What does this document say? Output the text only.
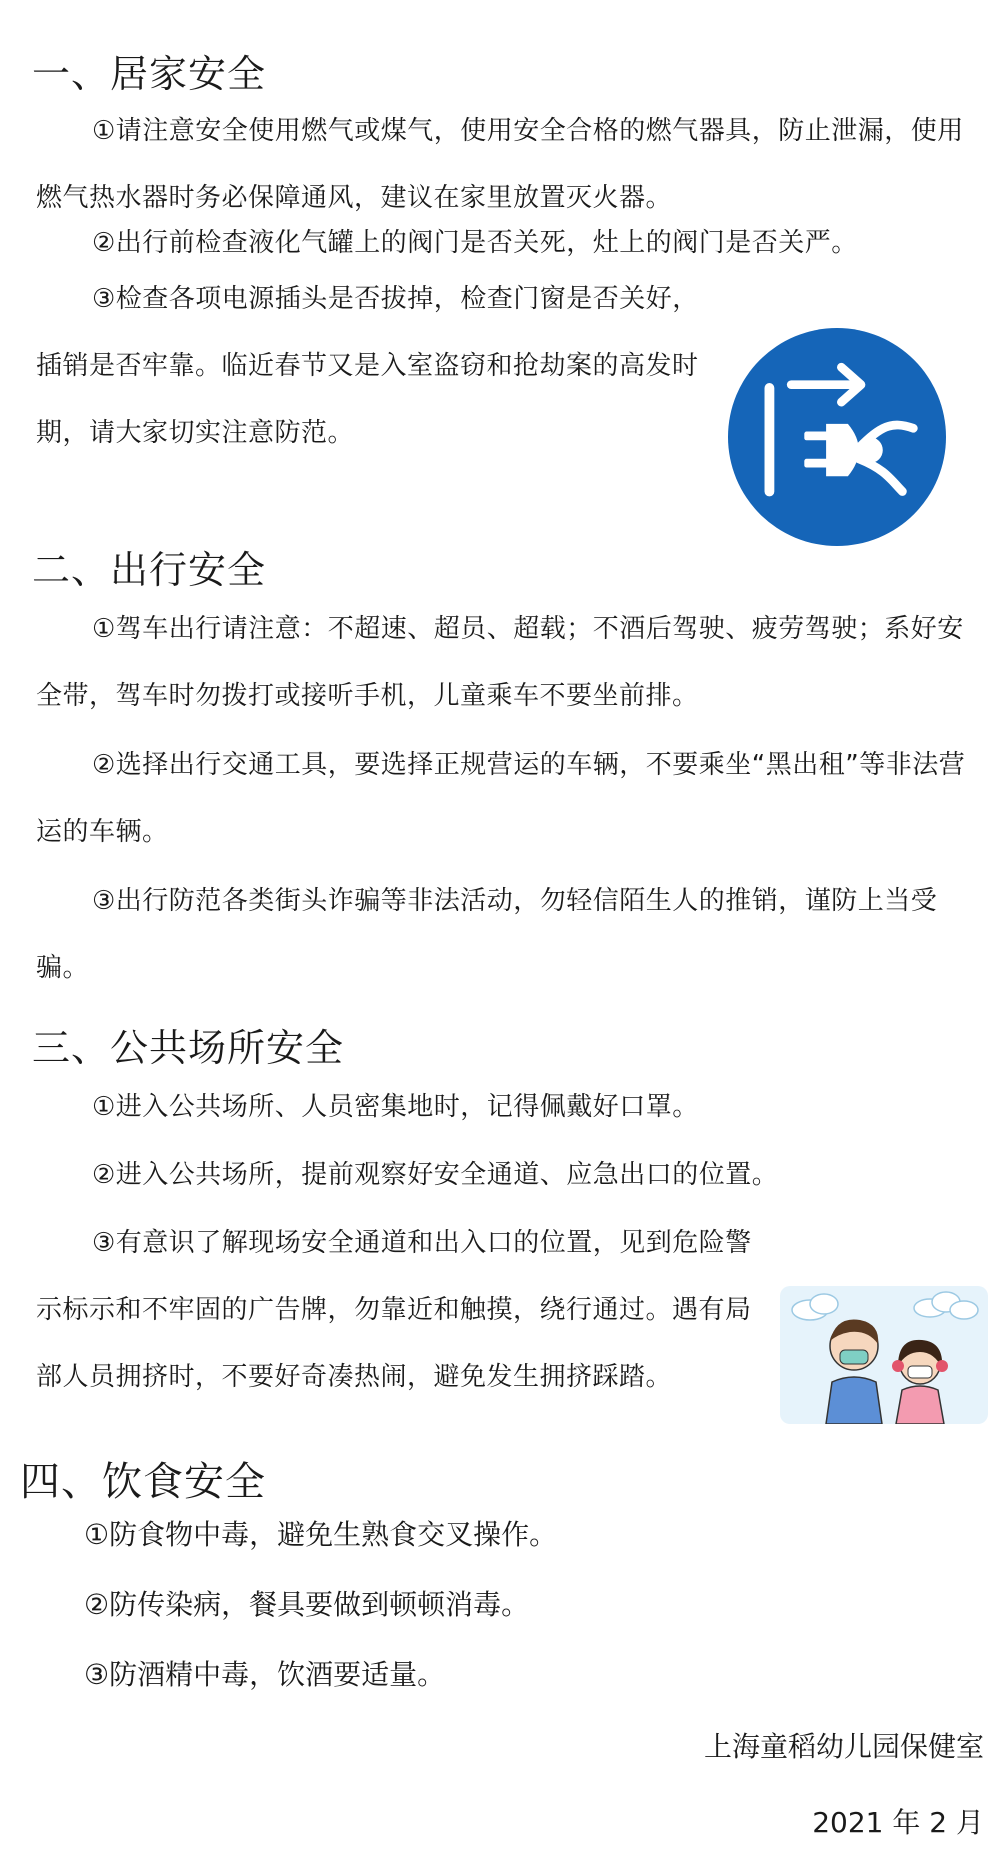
一、居家安全

①请注意安全使用燃气或煤气，使用安全合格的燃气器具，防止泄漏，使用燃气热水器时务必保障通风，建议在家里放置灭火器。

②出行前检查液化气罐上的阀门是否关死，灶上的阀门是否关严。

③检查各项电源插头是否拔掉，检查门窗是否关好，插销是否牢靠。临近春节又是入室盗窃和抢劫案的高发时期，请大家切实注意防范。

二、出行安全

①驾车出行请注意：不超速、超员、超载；不酒后驾驶、疲劳驾驶；系好安全带，驾车时勿拨打或接听手机，儿童乘车不要坐前排。

②选择出行交通工具，要选择正规营运的车辆，不要乘坐“黑出租”等非法营运的车辆。

③出行防范各类街头诈骗等非法活动，勿轻信陌生人的推销，谨防上当受骗。

三、公共场所安全

①进入公共场所、人员密集地时，记得佩戴好口罩。

②进入公共场所，提前观察好安全通道、应急出口的位置。

③有意识了解现场安全通道和出入口的位置，见到危险警示标示和不牢固的广告牌，勿靠近和触摸，绕行通过。遇有局部人员拥挤时，不要好奇凑热闹，避免发生拥挤踩踏。

四、饮食安全

①防食物中毒，避免生熟食交叉操作。

②防传染病，餐具要做到顿顿消毒。

③防酒精中毒，饮酒要适量。

上海童稻幼儿园保健室

2021 年 2 月
